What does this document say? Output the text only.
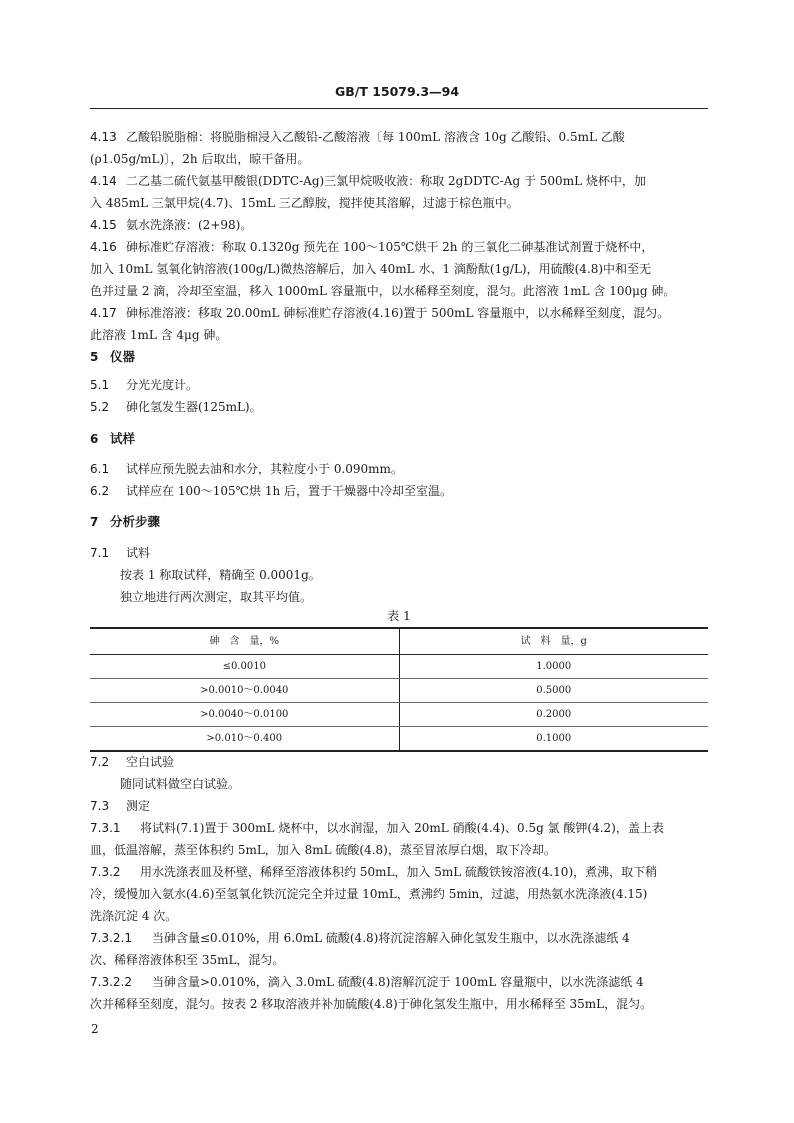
GB/T 15079.3—94
4.13 乙酸铅脱脂棉：将脱脂棉浸入乙酸铅-乙酸溶液〔每 100mL 溶液含 10g 乙酸铅、0.5mL 乙酸
(ρ1.05g/mL)〕，2h 后取出，晾干备用。
4.14 二乙基二硫代氨基甲酸银(DDTC-Ag)三氯甲烷吸收液：称取 2gDDTC-Ag 于 500mL 烧杯中，加
入 485mL 三氯甲烷(4.7)、15mL 三乙醇胺，搅拌使其溶解，过滤于棕色瓶中。
4.15 氨水洗涤液：(2+98)。
4.16 砷标准贮存溶液：称取 0.1320g 预先在 100～105℃烘干 2h 的三氧化二砷基准试剂置于烧杯中，
加入 10mL 氢氧化钠溶液(100g/L)微热溶解后，加入 40mL 水、1 滴酚酞(1g/L)，用硫酸(4.8)中和至无
色并过量 2 滴，冷却至室温，移入 1000mL 容量瓶中，以水稀释至刻度，混匀。此溶液 1mL 含 100μg 砷。
4.17 砷标准溶液：移取 20.00mL 砷标准贮存溶液(4.16)置于 500mL 容量瓶中，以水稀释至刻度，混匀。
此溶液 1mL 含 4μg 砷。
5 仪器
5.1 分光光度计。
5.2 砷化氢发生器(125mL)。
6 试样
6.1 试样应预先脱去油和水分，其粒度小于 0.090mm。
6.2 试样应在 100～105℃烘 1h 后，置于干燥器中冷却至室温。
7 分析步骤
7.1 试料
按表 1 称取试样，精确至 0.0001g。
独立地进行两次测定，取其平均值。
表 1
砷　含　量，%	试　料　量，g
≤0.0010	1.0000
>0.0010～0.0040	0.5000
>0.0040～0.0100	0.2000
>0.010～0.400	0.1000
7.2 空白试验
随同试料做空白试验。
7.3 测定
7.3.1 将试料(7.1)置于 300mL 烧杯中，以水润湿，加入 20mL 硝酸(4.4)、0.5g 氯 酸钾(4.2)，盖上表
皿，低温溶解，蒸至体积约 5mL，加入 8mL 硫酸(4.8)，蒸至冒浓厚白烟，取下冷却。
7.3.2 用水洗涤表皿及杯壁，稀释至溶液体积约 50mL，加入 5mL 硫酸铁铵溶液(4.10)，煮沸，取下稍
冷，缓慢加入氨水(4.6)至氢氧化铁沉淀完全并过量 10mL，煮沸约 5min，过滤，用热氨水洗涤液(4.15)
洗涤沉淀 4 次。
7.3.2.1 当砷含量≤0.010%，用 6.0mL 硫酸(4.8)将沉淀溶解入砷化氢发生瓶中，以水洗涤滤纸 4
次、稀释溶液体积至 35mL，混匀。
7.3.2.2 当砷含量>0.010%，滴入 3.0mL 硫酸(4.8)溶解沉淀于 100mL 容量瓶中，以水洗涤滤纸 4
次并稀释至刻度，混匀。按表 2 移取溶液并补加硫酸(4.8)于砷化氢发生瓶中，用水稀释至 35mL，混匀。
2
